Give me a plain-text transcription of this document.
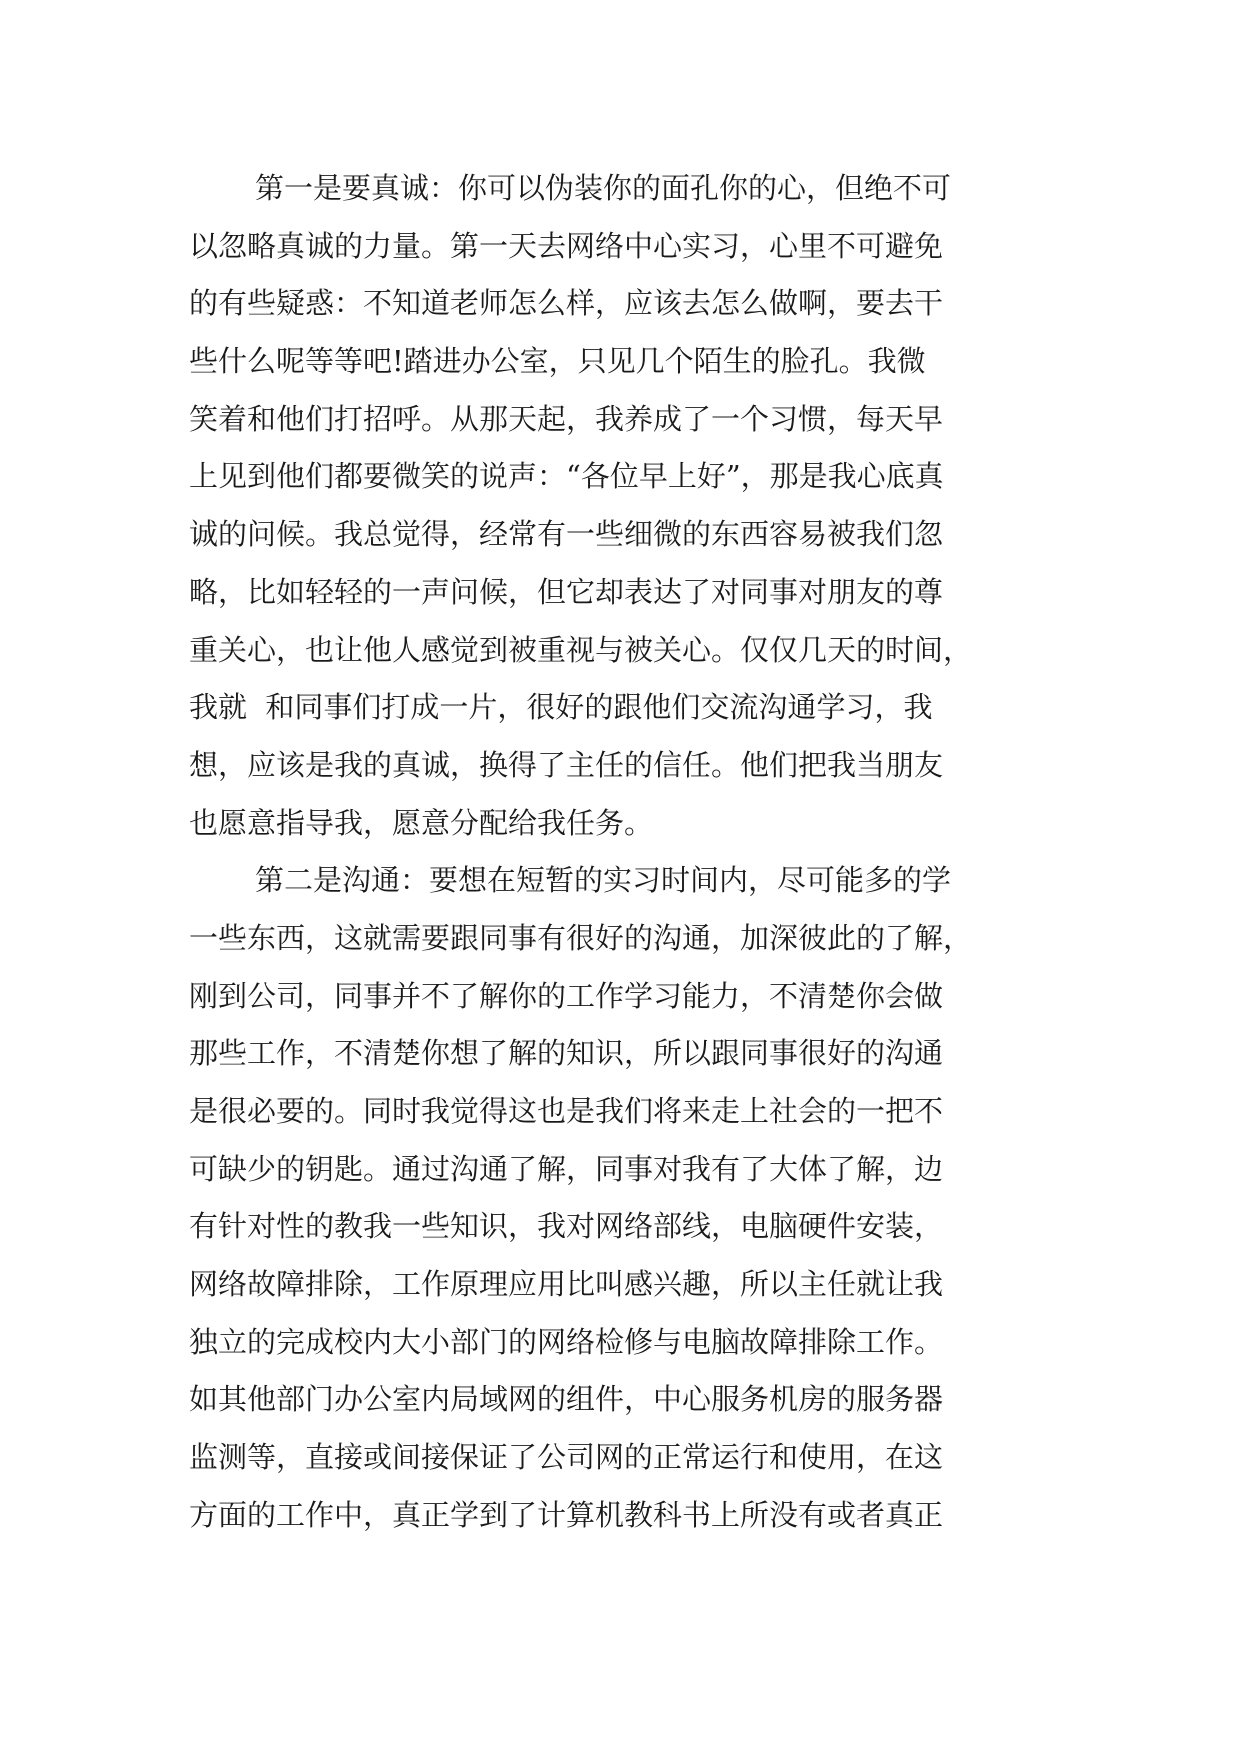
第一是要真诚：你可以伪装你的面孔你的心，但绝不可
以忽略真诚的力量。第一天去网络中心实习，心里不可避免
的有些疑惑：不知道老师怎么样，应该去怎么做啊，要去干
些什么呢等等吧!踏进办公室，只见几个陌生的脸孔。我微
笑着和他们打招呼。从那天起，我养成了一个习惯，每天早
上见到他们都要微笑的说声：“各位早上好”，那是我心底真
诚的问候。我总觉得，经常有一些细微的东西容易被我们忽
略，比如轻轻的一声问候，但它却表达了对同事对朋友的尊
重关心，也让他人感觉到被重视与被关心。仅仅几天的时间，
我就  和同事们打成一片，很好的跟他们交流沟通学习，我
想，应该是我的真诚，换得了主任的信任。他们把我当朋友
也愿意指导我，愿意分配给我任务。
第二是沟通：要想在短暂的实习时间内，尽可能多的学
一些东西，这就需要跟同事有很好的沟通，加深彼此的了解，
刚到公司，同事并不了解你的工作学习能力，不清楚你会做
那些工作，不清楚你想了解的知识，所以跟同事很好的沟通
是很必要的。同时我觉得这也是我们将来走上社会的一把不
可缺少的钥匙。通过沟通了解，同事对我有了大体了解，边
有针对性的教我一些知识，我对网络部线，电脑硬件安装，
网络故障排除，工作原理应用比叫感兴趣，所以主任就让我
独立的完成校内大小部门的网络检修与电脑故障排除工作。
如其他部门办公室内局域网的组件，中心服务机房的服务器
监测等，直接或间接保证了公司网的正常运行和使用，在这
方面的工作中，真正学到了计算机教科书上所没有或者真正
